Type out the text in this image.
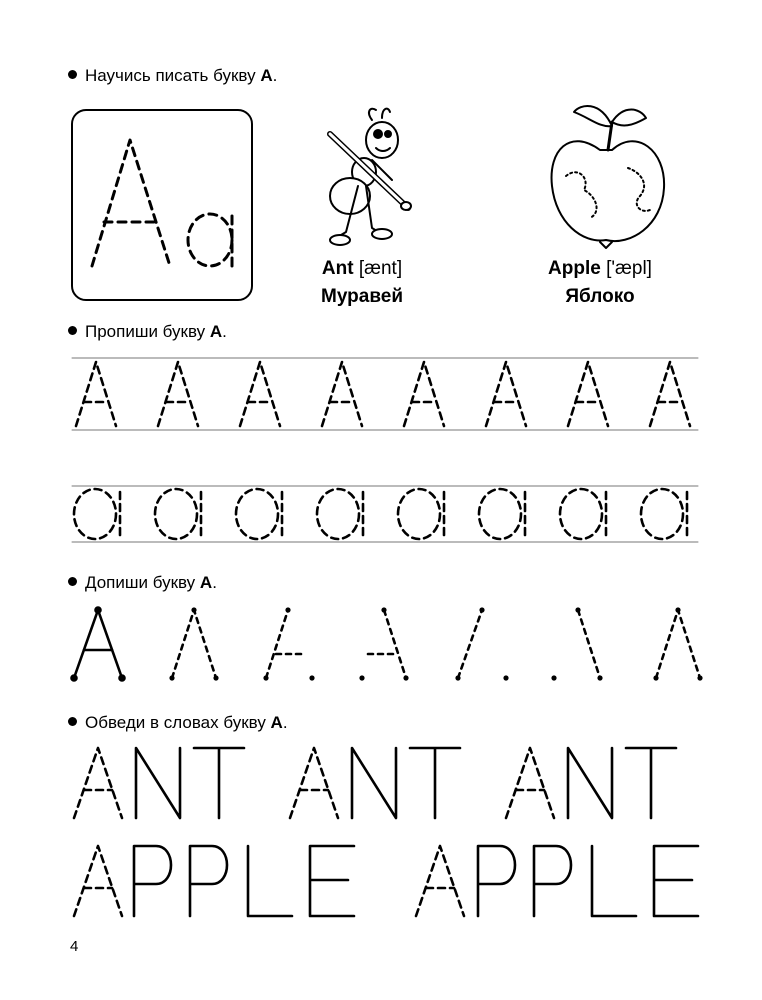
Научись писать букву А.
Пропиши букву А.
Допиши букву А.
Обведи в словах букву А.
Ant [ænt]
Муравей
Apple ['æpl]
Яблоко
4
